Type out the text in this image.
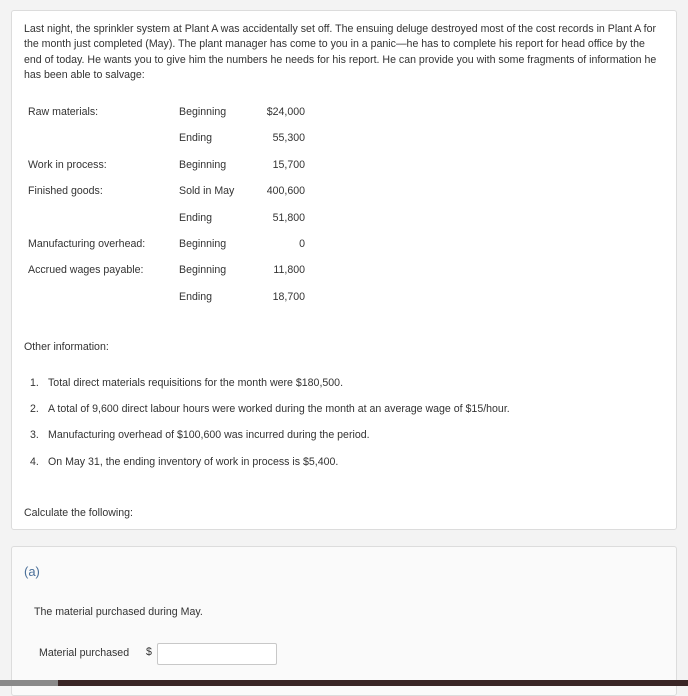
Last night, the sprinkler system at Plant A was accidentally set off. The ensuing deluge destroyed most of the cost records in Plant A for the month just completed (May). The plant manager has come to you in a panic—he has to complete his report for head office by the end of today. He wants you to give him the numbers he needs for his report. He can provide you with some fragments of information he has been able to salvage:

Raw materials:	Beginning	$24,000
Ending	55,300
Work in process:	Beginning	15,700
Finished goods:	Sold in May	400,600
Ending	51,800
Manufacturing overhead:	Beginning	0
Accrued wages payable:	Beginning	11,800
Ending	18,700
Other information:
1. Total direct materials requisitions for the month were $180,500.
2. A total of 9,600 direct labour hours were worked during the month at an average wage of $15/hour.
3. Manufacturing overhead of $100,600 was incurred during the period.
4. On May 31, the ending inventory of work in process is $5,400.
Calculate the following:
(a)
The material purchased during May.
Material purchased $
